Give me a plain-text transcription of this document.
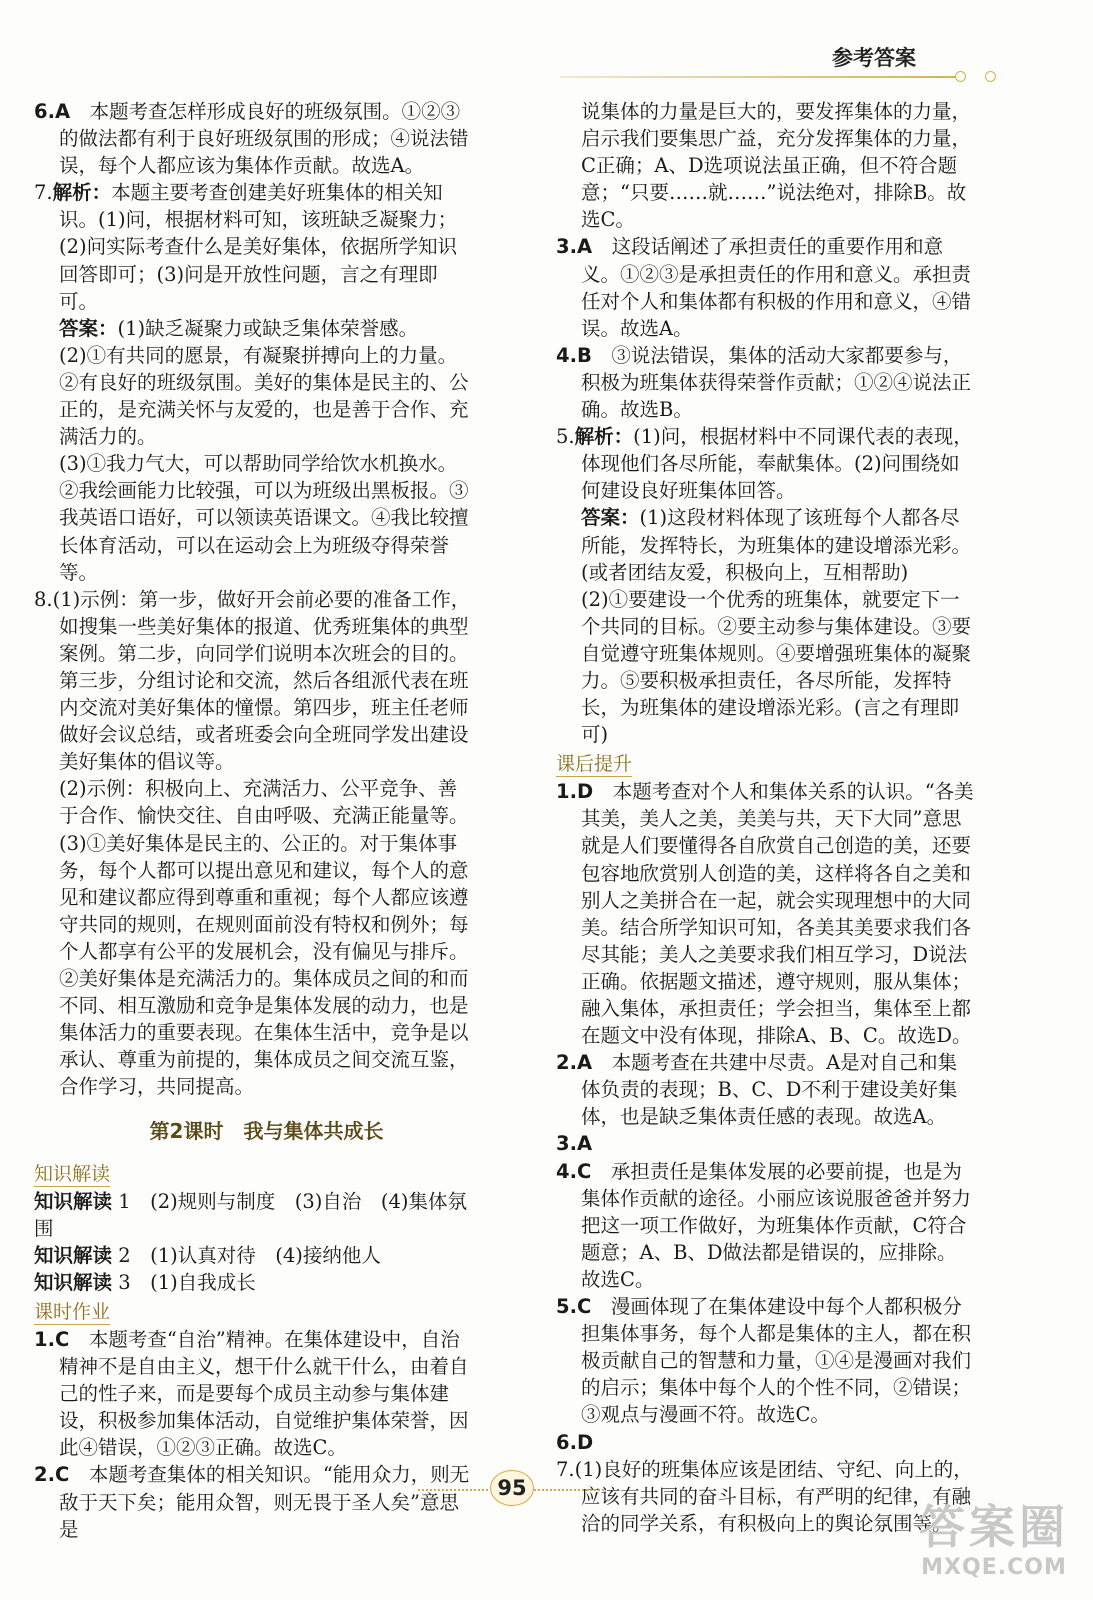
参考答案

6.A　 本题考查怎样形成良好的班级氛围。①②③的做法都有利于良好班级氛围的形成；④说法错误，每个人都应该为集体作贡献。故选A。

7.解析：本题主要考查创建美好班集体的相关知识。(1)问，根据材料可知，该班缺乏凝聚力；(2)问实际考查什么是美好集体，依据所学知识回答即可；(3)问是开放性问题，言之有理即可。

答案：(1)缺乏凝聚力或缺乏集体荣誉感。

(2)①有共同的愿景，有凝聚拼搏向上的力量。②有良好的班级氛围。美好的集体是民主的、公正的，是充满关怀与友爱的，也是善于合作、充满活力的。

(3)①我力气大，可以帮助同学给饮水机换水。②我绘画能力比较强，可以为班级出黑板报。③我英语口语好，可以领读英语课文。④我比较擅长体育活动，可以在运动会上为班级夺得荣誉等。

8.(1)示例：第一步，做好开会前必要的准备工作，如搜集一些美好集体的报道、优秀班集体的典型案例。第二步，向同学们说明本次班会的目的。第三步，分组讨论和交流，然后各组派代表在班内交流对美好集体的憧憬。第四步，班主任老师做好会议总结，或者班委会向全班同学发出建设美好集体的倡议等。

(2)示例：积极向上、充满活力、公平竞争、善于合作、愉快交往、自由呼吸、充满正能量等。

(3)①美好集体是民主的、公正的。对于集体事务，每个人都可以提出意见和建议，每个人的意见和建议都应得到尊重和重视；每个人都应该遵守共同的规则，在规则面前没有特权和例外；每个人都享有公平的发展机会，没有偏见与排斥。②美好集体是充满活力的。集体成员之间的和而不同、相互激励和竞争是集体发展的动力，也是集体活力的重要表现。在集体生活中，竞争是以承认、尊重为前提的，集体成员之间交流互鉴，合作学习，共同提高。

第2课时 我与集体共成长
知识解读

知识解读 1　 (2)规则与制度　(3)自治　(4)集体氛围

知识解读 2　 (1)认真对待　(4)接纳他人

知识解读 3　 (1)自我成长

课时作业

1.C　 本题考查“自治”精神。在集体建设中，自治精神不是自由主义，想干什么就干什么，由着自己的性子来，而是要每个成员主动参与集体建设，积极参加集体活动，自觉维护集体荣誉，因此④错误，①②③正确。故选C。

2.C　 本题考查集体的相关知识。“能用众力，则无敌于天下矣；能用众智，则无畏于圣人矣”意思是

说集体的力量是巨大的，要发挥集体的力量，启示我们要集思广益，充分发挥集体的力量，C正确；A、D选项说法虽正确，但不符合题意；“只要……就……”说法绝对，排除B。故选C。

3.A　 这段话阐述了承担责任的重要作用和意义。①②③是承担责任的作用和意义。承担责任对个人和集体都有积极的作用和意义，④错误。故选A。

4.B　 ③说法错误，集体的活动大家都要参与，积极为班集体获得荣誉作贡献；①②④说法正确。故选B。

5.解析：(1)问，根据材料中不同课代表的表现，体现他们各尽所能，奉献集体。(2)问围绕如何建设良好班集体回答。

答案：(1)这段材料体现了该班每个人都各尽所能，发挥特长，为班集体的建设增添光彩。(或者团结友爱，积极向上，互相帮助)

(2)①要建设一个优秀的班集体，就要定下一个共同的目标。②要主动参与集体建设。③要自觉遵守班集体规则。④要增强班集体的凝聚力。⑤要积极承担责任，各尽所能，发挥特长，为班集体的建设增添光彩。(言之有理即可)

课后提升

1.D　 本题考查对个人和集体关系的认识。“各美其美，美人之美，美美与共，天下大同”意思就是人们要懂得各自欣赏自己创造的美，还要包容地欣赏别人创造的美，这样将各自之美和别人之美拼合在一起，就会实现理想中的大同美。结合所学知识可知，各美其美要求我们各尽其能；美人之美要求我们相互学习，D说法正确。依据题文描述，遵守规则，服从集体；融入集体，承担责任；学会担当，集体至上都在题文中没有体现，排除A、B、C。故选D。

2.A　 本题考查在共建中尽责。A是对自己和集体负责的表现；B、C、D不利于建设美好集体，也是缺乏集体责任感的表现。故选A。

3.A

4.C　 承担责任是集体发展的必要前提，也是为集体作贡献的途径。小丽应该说服爸爸并努力把这一项工作做好，为班集体作贡献，C符合题意；A、B、D做法都是错误的，应排除。故选C。

5.C　 漫画体现了在集体建设中每个人都积极分担集体事务，每个人都是集体的主人，都在积极贡献自己的智慧和力量，①④是漫画对我们的启示；集体中每个人的个性不同，②错误；③观点与漫画不符。故选C。

6.D

7.(1)良好的班集体应该是团结、守纪、向上的，应该有共同的奋斗目标，有严明的纪律，有融洽的同学关系，有积极向上的舆论氛围等。

95
答案圈
MXQE.COM
